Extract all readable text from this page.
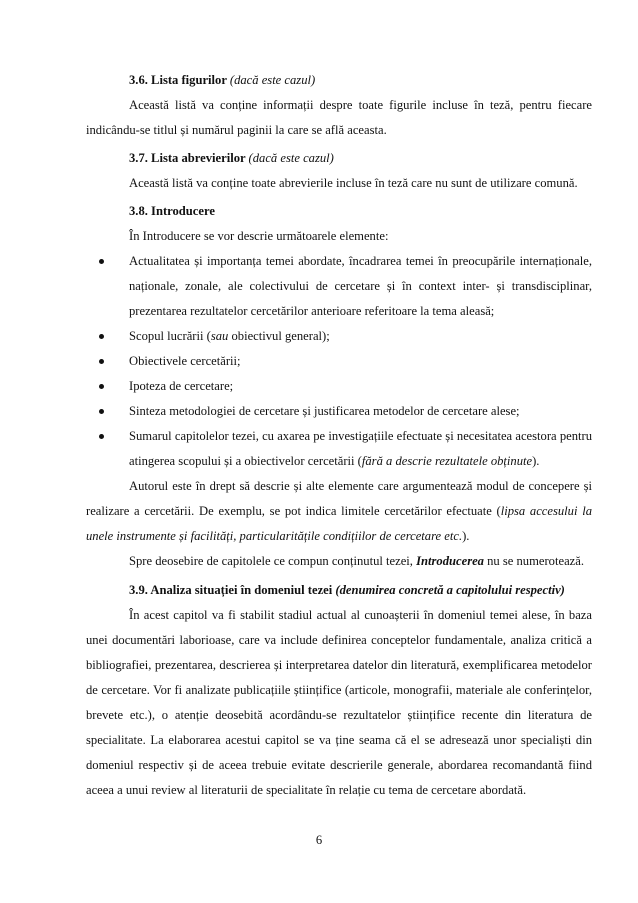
3.6. Lista figurilor (dacă este cazul)

Această listă va conține informații despre toate figurile incluse în teză, pentru fiecare indicându-se titlul și numărul paginii la care se află aceasta.

3.7. Lista abrevierilor (dacă este cazul)

Această listă va conține toate abrevierile incluse în teză care nu sunt de utilizare comună.

3.8. Introducere

În Introducere se vor descrie următoarele elemente:

Actualitatea și importanța temei abordate, încadrarea temei în preocupările internaționale, naționale, zonale, ale colectivului de cercetare și în context inter- și transdisciplinar, prezentarea rezultatelor cercetărilor anterioare referitoare la tema aleasă;
Scopul lucrării (sau obiectivul general);
Obiectivele cercetării;
Ipoteza de cercetare;
Sinteza metodologiei de cercetare și justificarea metodelor de cercetare alese;
Sumarul capitolelor tezei, cu axarea pe investigațiile efectuate și necesitatea acestora pentru atingerea scopului și a obiectivelor cercetării (fără a descrie rezultatele obținute).

Autorul este în drept să descrie și alte elemente care argumentează modul de concepere și realizare a cercetării. De exemplu, se pot indica limitele cercetărilor efectuate (lipsa accesului la unele instrumente și facilități, particularitățile condițiilor de cercetare etc.).

Spre deosebire de capitolele ce compun conținutul tezei, Introducerea nu se numerotează.

3.9. Analiza situației în domeniul tezei (denumirea concretă a capitolului respectiv)

În acest capitol va fi stabilit stadiul actual al cunoașterii în domeniul temei alese, în baza unei documentări laborioase, care va include definirea conceptelor fundamentale, analiza critică a bibliografiei, prezentarea, descrierea și interpretarea datelor din literatură, exemplificarea metodelor de cercetare. Vor fi analizate publicațiile științifice (articole, monografii, materiale ale conferințelor, brevete etc.), o atenție deosebită acordându-se rezultatelor științifice recente din literatura de specialitate. La elaborarea acestui capitol se va ține seama că el se adresează unor specialiști din domeniul respectiv și de aceea trebuie evitate descrierile generale, abordarea recomandantă fiind aceea a unui review al literaturii de specialitate în relație cu tema de cercetare abordată.

6
